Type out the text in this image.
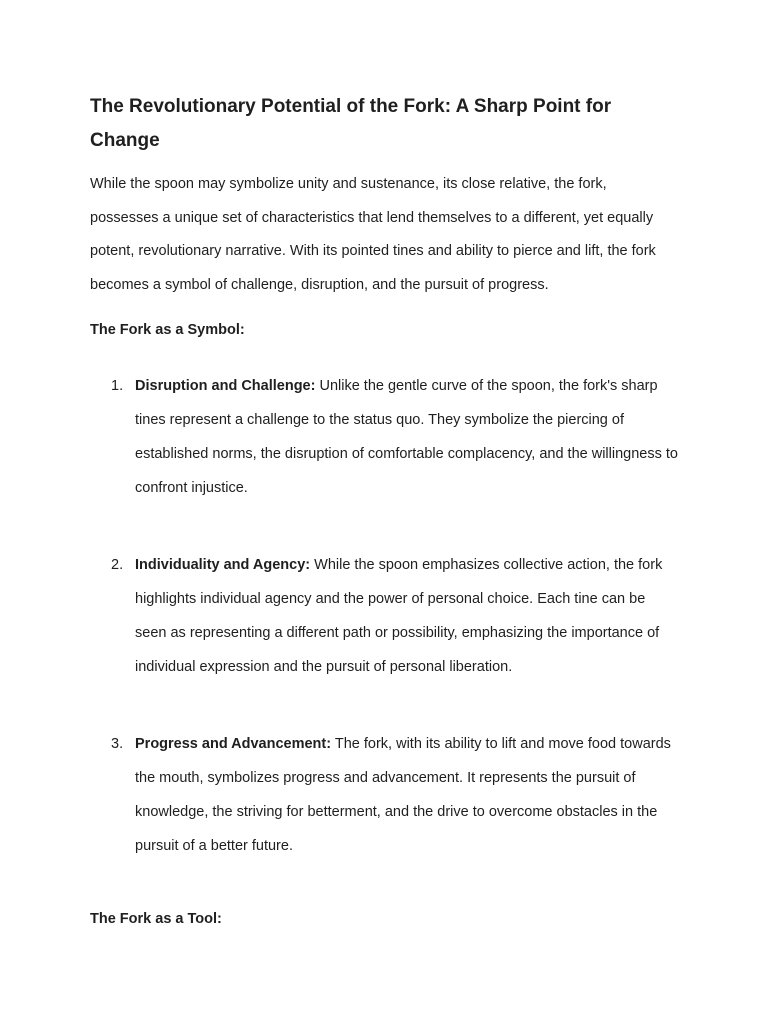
The Revolutionary Potential of the Fork: A Sharp Point for Change

While the spoon may symbolize unity and sustenance, its close relative, the fork, possesses a unique set of characteristics that lend themselves to a different, yet equally potent, revolutionary narrative. With its pointed tines and ability to pierce and lift, the fork becomes a symbol of challenge, disruption, and the pursuit of progress.

The Fork as a Symbol:
1. Disruption and Challenge: Unlike the gentle curve of the spoon, the fork's sharp tines represent a challenge to the status quo. They symbolize the piercing of established norms, the disruption of comfortable complacency, and the willingness to confront injustice.
2. Individuality and Agency: While the spoon emphasizes collective action, the fork highlights individual agency and the power of personal choice. Each tine can be seen as representing a different path or possibility, emphasizing the importance of individual expression and the pursuit of personal liberation.
3. Progress and Advancement: The fork, with its ability to lift and move food towards the mouth, symbolizes progress and advancement. It represents the pursuit of knowledge, the striving for betterment, and the drive to overcome obstacles in the pursuit of a better future.
The Fork as a Tool:
